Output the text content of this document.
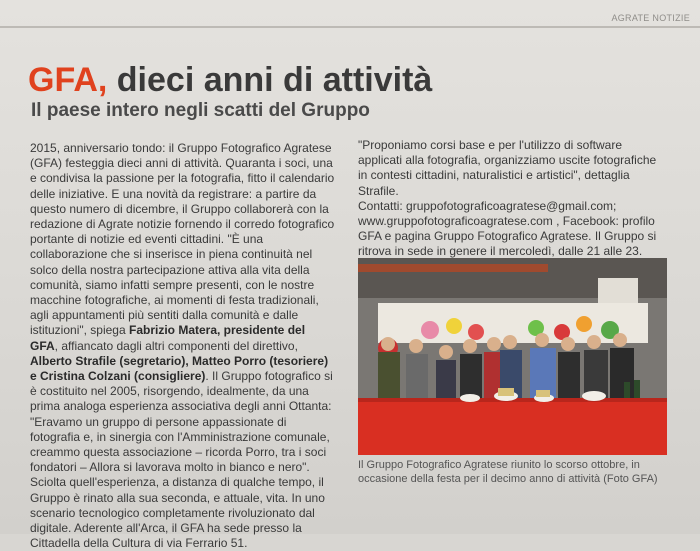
AGRATE NOTIZIE
GFA, dieci anni di attività
Il paese intero negli scatti del Gruppo

2015, anniversario tondo: il Gruppo Fotografico Agratese (GFA) festeggia dieci anni di attività. Quaranta i soci, una e condivisa la passione per la fotografia, fitto il calendario delle iniziative. E una novità da registrare: a partire da questo numero di dicembre, il Gruppo collaborerà con la redazione di Agrate notizie fornendo il corredo fotografico portante di notizie ed eventi cittadini. "È una collaborazione che si inserisce in piena continuità nel solco della nostra partecipazione attiva alla vita della comunità, siamo infatti sempre presenti, con le nostre macchine fotografiche, ai momenti di festa tradizionali, agli appuntamenti più sentiti dalla comunità e dalle istituzioni", spiega Fabrizio Matera, presidente del GFA, affiancato dagli altri componenti del direttivo, Alberto Strafile (segretario), Matteo Porro (tesoriere) e Cristina Colzani (consigliere). Il Gruppo fotografico si è costituito nel 2005, risorgendo, idealmente, da una prima analoga esperienza associativa degli anni Ottanta: "Eravamo un gruppo di persone appassionate di fotografia e, in sinergia con l'Amministrazione comunale, creammo questa associazione – ricorda Porro, tra i soci fondatori – Allora si lavorava molto in bianco e nero". Sciolta quell'esperienza, a distanza di qualche tempo, il Gruppo è rinato alla sua seconda, e attuale, vita. In uno scenario tecnologico completamente rivoluzionato dal digitale. Aderente all'Arca, il GFA ha sede presso la Cittadella della Cultura di via Ferrario 51.

"Proponiamo corsi base e per l'utilizzo di software applicati alla fotografia, organizziamo uscite fotografiche in contesti cittadini, naturalistici e artistici", dettaglia Strafile.

Contatti: gruppofotograficoagratese@gmail.com; www.gruppofotograficoagratese.com , Facebook: profilo GFA e pagina Gruppo Fotografico Agratese. Il Gruppo si ritrova in sede in genere il mercoledì, dalle 21 alle 23.

Il Gruppo Fotografico Agratese riunito lo scorso ottobre, in occasione della festa per il decimo anno di attività (Foto GFA)
